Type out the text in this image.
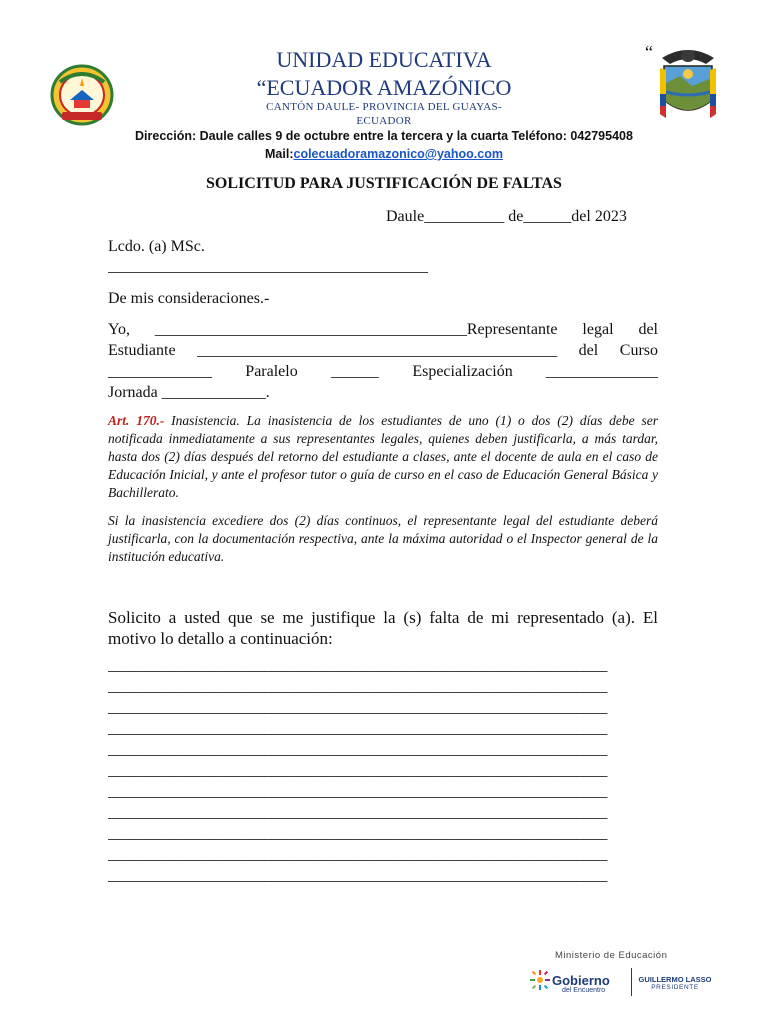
“
UNIDAD EDUCATIVA
“ECUADOR AMAZÓNICO
CANTÓN DAULE- PROVINCIA DEL GUAYAS-
ECUADOR
Dirección: Daule calles 9 de octubre entre la tercera y la cuarta Teléfono: 042795408
Mail:colecuadoramazonico@yahoo.com
SOLICITUD PARA JUSTIFICACIÓN DE FALTAS
Daule__________ de______del 2023
Lcdo. (a) MSc.
________________________________________
De mis consideraciones.-
Yo, _______________________________________Representante legal del
Estudiante _____________________________________________ del Curso
_____________ Paralelo ______ Especialización ______________
Jornada _____________.
Art. 170.- Inasistencia. La inasistencia de los estudiantes de uno (1) o dos (2) días debe ser notificada inmediatamente a sus representantes legales, quienes deben justificarla, a más tardar, hasta dos (2) días después del retorno del estudiante a clases, ante el docente de aula en el caso de Educación Inicial, y ante el profesor tutor o guía de curso en el caso de Educación General Básica y Bachillerato.
Si la inasistencia excediere dos (2) días continuos, el representante legal del estudiante deberá justificarla, con la documentación respectiva, ante la máxima autoridad o el Inspector general de la institución educativa.
Solicito a usted que se me justifique la (s) falta de mi representado (a). El
motivo lo detallo a continuación:
________________________________________________________________
________________________________________________________________
________________________________________________________________
________________________________________________________________
________________________________________________________________
________________________________________________________________
________________________________________________________________
________________________________________________________________
________________________________________________________________
________________________________________________________________
________________________________________________________________
Ministerio de Educación
Gobierno
del Encuentro
GUILLERMO LASSO
PRESIDENTE
